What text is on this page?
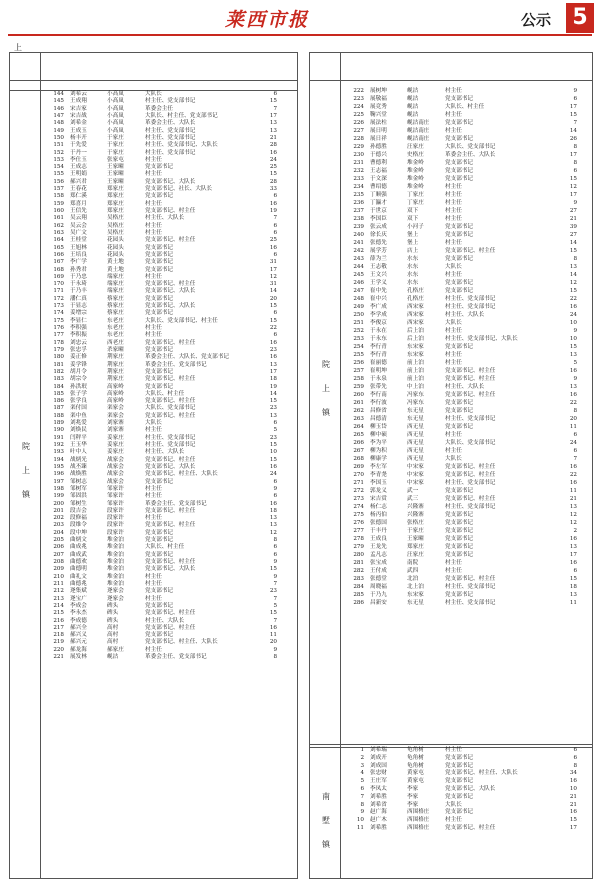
莱西市报	公示 5
上
院
上
镇
144 刘希云	小高岚	大队长	6
145 王成翔	小高岚	村主任、党支部书记	15
146 宋吉家	小高岚	革委会主任	7
147 宋吉战	小高岚	大队长、村主任、党支部书记	17
148 刘希金	小高岚	革委会主任、大队长	13
149 王成玉	小高岚	村主任、党支部书记	13
150 杨丰开	于家庄	村主任、党支部书记	21
151 于先爱	于家庄	村主任、党支部书记、大队长	28
152 于丹一	于家庄	村主任、党支部书记	16
153 李仕玉	张家屯	村主任	24
154 王成志	王家疃	党支部书记	25
155 王明娟	王家疃	村主任	15
156 郝兴君	王家疃	党支部书记、大队长	28
157 王春花	郑家庄	党支部书记、社长、大队长	33
158 郑仁溪	郑家庄	党支部书记	6
159 郑喜月	郑家庄	村主任	16
160 王信先	郑家庄	党支部书记、村主任	19
161 吴云翔	吴格庄	村主任、大队长	7
162 吴云会	吴格庄	村主任	6
163 吴广文	吴格庄	村主任	6
164 王桂堂	花园头	党支部书记、村主任	25
165 王旭林	花园头	党支部书记	16
166 王培良	花园头	党支部书记	6
167 李广学	黄土地	党支部书记	31
168 孙秀君	黄土地	党支部书记	17
169 于乃忠	端家庄	村主任	12
170 于永琦	端家庄	党支部书记、村主任	31
171 于乃丰	端家庄	党支部书记、大队长	14
172 潘仁真	蔡家庄	党支部书记	20
173 于显志	蔡家庄	党支部书记、大队长	15
174 姜增宗	蔡家庄	党支部书记	6
175 李显仁	东老庄	大队长、党支部书记、村主任	15
176 李积强	东老庄	村主任	22
177 李积振	东老庄	村主任	6
178 刘忠云	西老庄	党支部书记、村主任	16
179 张忠孚	杀家疃	党支部书记	23
180 姜正修	荆家庄	革委会主任、大队长、党支部书记	16
181 姜学锋	荆家庄	革委会主任、党支部书记	13
182 胡月令	荆家庄	党支部书记	17
183 胡宗令	荆家庄	党支部书记、村主任	18
184 孙洪珉	高家岭	党支部书记	19
185 张子学	高家岭	大队长、村主任	14
186 张学良	高家岭	党支部书记、村主任	15
187 栾付国	栾家会	大队长、党支部书记	23
188 栾中鱼	栾家会	党支部书记、村主任	13
189 刘兆爱	刘家寨	大队长	6
190 刘焕民	刘家寨	村主任	5
191 闫秤平	姜家庄	村主任、党支部书记	23
192 王玉华	姜家庄	村主任、党支部书记	15
193 叶中人	姜家庄	村主任、大队长	10
194 战炳光	战家会	党支部书记、村主任	15
195 战丕臻	战家会	党支部书记、大队长	16
196 战焕胜	战家会	党支部书记、村主任、大队长	24
197 邹树志	战家会	党支部书记	6
198 邹树军	邹家许	村主任	9
199 邹固洪	邹家许	村主任	6
200 邹树生	邹家许	革委会主任、党支部书记	16
201 段吉会	段家许	党支部书记、村主任	18
202 段修福	段家许	村主任	13
203 段维令	段家许	党支部书记、村主任	13
204 段中坤	段家许	党支部书记	12
205 曲炳文	堆金泊	党支部书记	8
206 曲成兆	堆金泊	大队长、村主任	6
207 曲成武	堆金泊	党支部书记	6
208 曲德欢	堆金泊	党支部书记、村主任	9
209 曲德明	堆金泊	党支部书记、大队长	15
210 曲礼文	堆金泊	村主任	9
211 曲德兆	堆金泊	村主任	7
212 逄集斌	逄家会	党支部书记	23
213 逄宝广	逄家会	村主任	7
214 李成会	碑头	党支部书记	5
215 李永杰	碑头	党支部书记、村主任	15
216 李成德	碑头	村主任、大队长	7
217 郝兴全	高村	党支部书记、村主任	16
218 郝兴义	高村	党支部书记	11
219 郝兴元	高村	党支部书记、村主任、大队长	20
220 郝龙海	郝家庄	村主任	9
221 展发林	岘沽	革委会主任、党支部书记	8
院
上
镇
222 展树坤	岘沽	村主任	9
223 展敬福	岘沽	党支部书记	6
224 展竞秀	岘沽	大队长、村主任	17
225 鞠兴堂	岘沽	村主任	15
226 展法柱	岘沽南庄	党支部书记	7
227 展日明	岘沽南庄	村主任	14
228 展日祥	岘沽南庄	党支部书记	26
229 孙德胜	汪家庄	大队长、党支部书记	8
230 于德兴	史格庄	革委会主任、大队长	17
231 曹德利	堆金岭	党支部书记	8
232 王志福	堆金岭	党支部书记	6
233 于文深	堆金岭	党支部书记	15
234 曹绍德	堆金岭	村主任	12
235 丁顺强	丁家庄	村主任	17
236 丁瀛才	丁家庄	村主任	9
237 于世京	双下	村主任	27
238 李国臣	双下	村主任	21
239 张云成	小河子	党支部书记	39
240 徐长庆	堡上	党支部书记	27
241 张德先	堡上	村主任	14
242 展学芳	店上	党支部书记、村主任	15
243 薛为兰	水东	党支部书记	8
244 王志敬	水东	大队长	13
245 王文兴	水东	村主任	14
246 王学义	水东	党支部书记	12
247 崔中先	孔格庄	党支部书记	15
248 崔中兴	孔格庄	村主任、党支部书记	22
249 李广成	西宋家	村主任、党支部书记	16
250 李学成	西宋家	村主任、大队长	24
251 李俊京	西宋家	大队长	10
252 于永在	后上泊	村主任	9
253 于永东	后上泊	村主任、党支部书记、大队长	10
254 李行青	东宋家	党支部书记	15
255 李行青	东宋家	村主任	13
256 崔丽德	前上泊	村主任	5
257 崔明坤	前上泊	党支部书记、村主任	16
258 于永泉	前上泊	党支部书记、村主任	9
259 张带先	中上泊	村主任、大队长	13
260 李行南	冯家东	党支部书记、村主任	16
261 李行波	冯家东	党支部书记	22
262 昌修省	东无星	党支部书记	8
263 昌德清	东无星	村主任、党支部书记	20
264 柳玉岱	西无星	党支部书记	11
265 柳中硕	西无星	村主任	6
266 李为平	西无星	大队长、党支部书记	24
267 柳为积	西无星	村主任	6
268 柳康学	西无星	大队长	7
269 李左军	中宋家	党支部书记、村主任	16
270 李青尧	中宋家	党支部书记、村主任	22
271 李国玉	中宋家	村主任、党支部书记	16
272 郭龙义	武一	党支部书记	11
273 宋吉赏	武三	党支部书记、村主任	21
274 杨仁志	兴隆寨	村主任、党支部书记	13
275 杨丙伯	兴隆寨	党支部书记	12
276 张德国	张格庄	党支部书记	12
277 于丰丹	于家庄	党支部书记	2
278 王成良	王家疃	党支部书记	16
279 王龙先	郑家庄	党支部书记	13
280 孟凡志	汪家庄	党支部书记	17
281 张宝成	南院	村主任	16
282 王付成	武四	村主任	6
283 张德堂	北泊	党支部书记、村主任	15
284 周晓福	北上泊	村主任、党支部书记	18
285 于乃九	东宋家	党支部书记	13
286 昌新安	东无星	村主任、党支部书记	11
南
墅
镇
1 刘希瑞	龟角树	村主任	6
2 刘成开	龟角树	党支部书记	6
3 刘成国	龟角树	党支部书记	8
4 张忠财	黄家屯	党支部书记、村主任、大队长	34
5 王庄军	黄家屯	党支部书记	16
6 李凤太	李家	党支部书记、大队长	10
7 刘希胜	李家	党支部书记	21
8 刘希省	李家	大队长	21
9 赵广海	西围格庄	党支部书记	16
10 赵广木	西围格庄	村主任	15
11 刘希胜	西围格庄	党支部书记、村主任	17
